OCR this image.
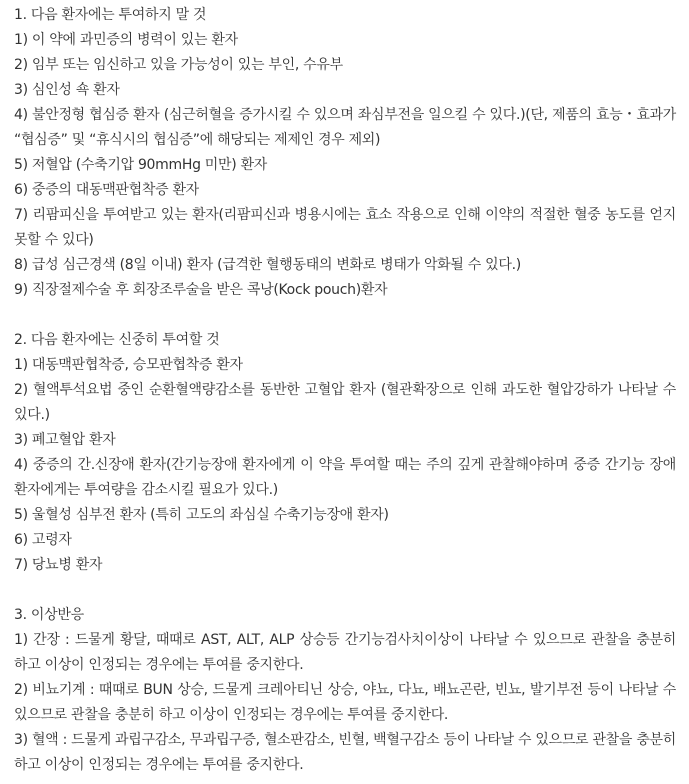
1. 다음 환자에는 투여하지 말 것

1) 이 약에 과민증의 병력이 있는 환자

2) 임부 또는 임신하고 있을 가능성이 있는 부인, 수유부

3) 심인성 쇽 환자

4) 불안정형 협심증 환자 (심근허혈을 증가시킬 수 있으며 좌심부전을 일으킬 수 있다.)(단, 제품의 효능・효과가 “협심증” 및 “휴식시의 협심증”에 해당되는 제제인 경우 제외)

5) 저혈압 (수축기압 90mmHg 미만) 환자

6) 중증의 대동맥판협착증 환자

7) 리팜피신을 투여받고 있는 환자(리팜피신과 병용시에는 효소 작용으로 인해 이약의 적절한 혈중 농도를 얻지 못할 수 있다)

8) 급성 심근경색 (8일 이내) 환자 (급격한 혈행동태의 변화로 병태가 악화될 수 있다.)

9) 직장절제수술 후 회장조루술을 받은 콕낭(Kock pouch)환자

2. 다음 환자에는 신중히 투여할 것

1) 대동맥판협착증, 승모판협착증 환자

2) 혈액투석요법 중인 순환혈액량감소를 동반한 고혈압 환자 (혈관확장으로 인해 과도한 혈압강하가 나타날 수 있다.)

3) 폐고혈압 환자

4) 중증의 간.신장애 환자(간기능장애 환자에게 이 약을 투여할 때는 주의 깊게 관찰해야하며 중증 간기능 장애 환자에게는 투여량을 감소시킬 필요가 있다.)

5) 울혈성 심부전 환자 (특히 고도의 좌심실 수축기능장애 환자)

6) 고령자

7) 당뇨병 환자

3. 이상반응

1) 간장 : 드물게 황달, 때때로 AST, ALT, ALP 상승등 간기능검사치이상이 나타날 수 있으므로 관찰을 충분히 하고 이상이 인정되는 경우에는 투여를 중지한다.

2) 비뇨기계 : 때때로 BUN 상승, 드물게 크레아티닌 상승, 야뇨, 다뇨, 배뇨곤란, 빈뇨, 발기부전 등이 나타날 수 있으므로 관찰을 충분히 하고 이상이 인정되는 경우에는 투여를 중지한다.

3) 혈액 : 드물게 과립구감소, 무과립구증, 혈소판감소, 빈혈, 백혈구감소 등이 나타날 수 있으므로 관찰을 충분히 하고 이상이 인정되는 경우에는 투여를 중지한다.
